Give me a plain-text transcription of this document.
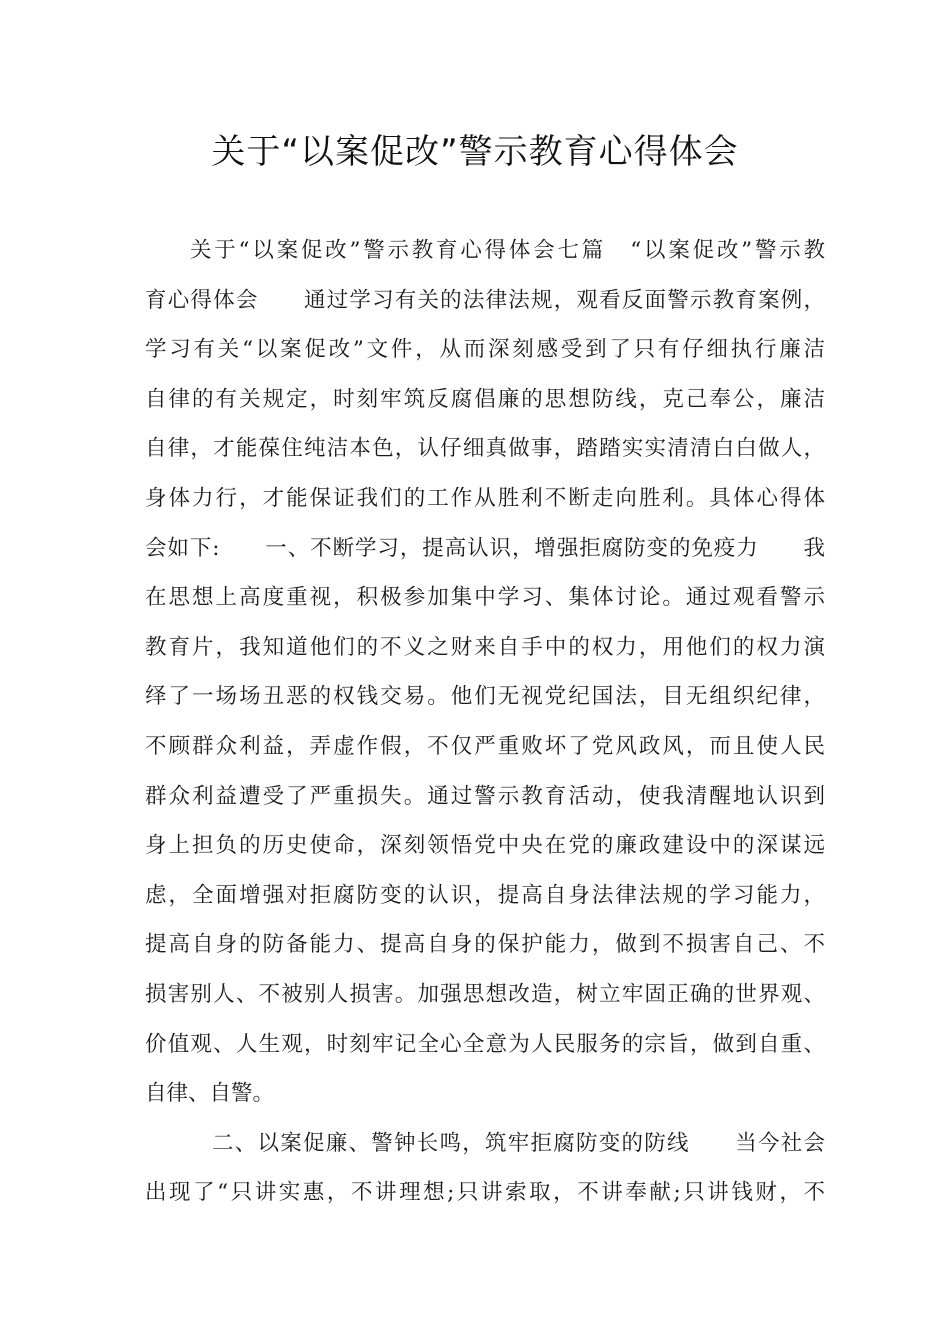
关于“以案促改”警示教育心得体会
关于“以案促改”警示教育心得体会七篇　“以案促改”警示教
育心得体会　　通过学习有关的法律法规，观看反面警示教育案例，
学习有关“以案促改”文件，从而深刻感受到了只有仔细执行廉洁
自律的有关规定，时刻牢筑反腐倡廉的思想防线，克己奉公，廉洁
自律，才能葆住纯洁本色，认仔细真做事，踏踏实实清清白白做人，
身体力行，才能保证我们的工作从胜利不断走向胜利。具体心得体
会如下:　　一、不断学习，提高认识，增强拒腐防变的免疫力　　我
在思想上高度重视，积极参加集中学习、集体讨论。通过观看警示
教育片，我知道他们的不义之财来自手中的权力，用他们的权力演
绎了一场场丑恶的权钱交易。他们无视党纪国法，目无组织纪律，
不顾群众利益，弄虚作假，不仅严重败坏了党风政风，而且使人民
群众利益遭受了严重损失。通过警示教育活动，使我清醒地认识到
身上担负的历史使命，深刻领悟党中央在党的廉政建设中的深谋远
虑，全面增强对拒腐防变的认识，提高自身法律法规的学习能力，
提高自身的防备能力、提高自身的保护能力，做到不损害自己、不
损害别人、不被别人损害。加强思想改造，树立牢固正确的世界观、
价值观、人生观，时刻牢记全心全意为人民服务的宗旨，做到自重、
自律、自警。
二、以案促廉、警钟长鸣，筑牢拒腐防变的防线　　当今社会
出现了“只讲实惠，不讲理想;只讲索取，不讲奉献;只讲钱财，不
